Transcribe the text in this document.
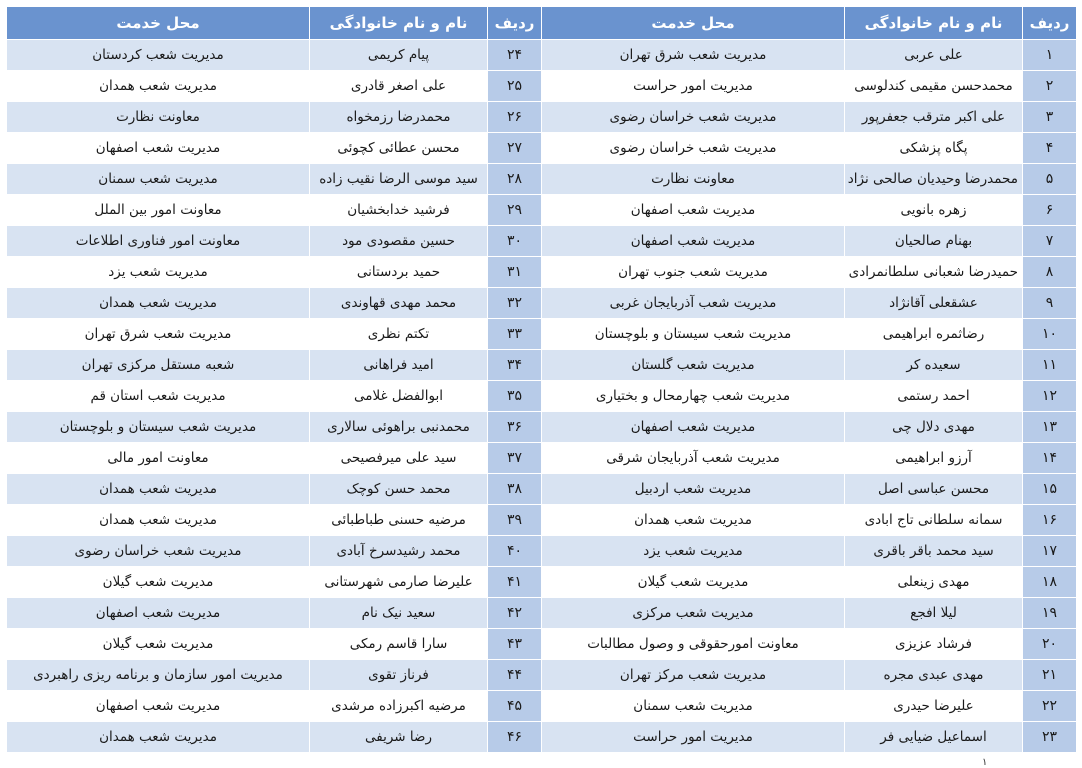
ردیف	نام و نام خانوادگی	محل خدمت	ردیف	نام و نام خانوادگی	محل خدمت
۱	علی عربی	مدیریت شعب شرق تهران	۲۴	پیام کریمی	مدیریت شعب کردستان
۲	محمدحسن مقیمی کندلوسی	مدیریت امور حراست	۲۵	علی اصغر قادری	مدیریت شعب همدان
۳	علی اکبر مترقب جعفرپور	مدیریت شعب خراسان رضوی	۲۶	محمدرضا رزمخواه	معاونت نظارت
۴	پگاه پزشکی	مدیریت شعب خراسان رضوی	۲۷	محسن عطائی کچوئی	مدیریت شعب اصفهان
۵	محمدرضا وحیدیان صالحی نژاد	معاونت نظارت	۲۸	سید موسی الرضا نقیب زاده	مدیریت شعب سمنان
۶	زهره بانویی	مدیریت شعب اصفهان	۲۹	فرشید خدابخشیان	معاونت امور بین الملل
۷	بهنام صالحیان	مدیریت شعب اصفهان	۳۰	حسین مقصودی مود	معاونت امور فناوری اطلاعات
۸	حمیدرضا شعبانی سلطانمرادی	مدیریت شعب جنوب تهران	۳۱	حمید بردستانی	مدیریت شعب یزد
۹	عشقعلی آقانژاد	مدیریت شعب آذربایجان غربی	۳۲	محمد مهدی قهاوندی	مدیریت شعب همدان
۱۰	رضاثمره ابراهیمی	مدیریت شعب سیستان و بلوچستان	۳۳	تکتم نظری	مدیریت شعب شرق تهران
۱۱	سعیده کر	مدیریت شعب گلستان	۳۴	امید فراهانی	شعبه مستقل مرکزی تهران
۱۲	احمد رستمی	مدیریت شعب چهارمحال و بختیاری	۳۵	ابوالفضل غلامی	مدیریت شعب استان قم
۱۳	مهدی دلال چی	مدیریت شعب اصفهان	۳۶	محمدنبی براهوئی سالاری	مدیریت شعب سیستان و بلوچستان
۱۴	آرزو ابراهیمی	مدیریت شعب آذربایجان شرقی	۳۷	سید علی میرفصیحی	معاونت امور مالی
۱۵	محسن عباسی اصل	مدیریت شعب اردبیل	۳۸	محمد حسن کوچک	مدیریت شعب همدان
۱۶	سمانه سلطانی تاج ابادی	مدیریت شعب همدان	۳۹	مرضیه حسنی طباطبائی	مدیریت شعب همدان
۱۷	سید محمد باقر باقری	مدیریت شعب یزد	۴۰	محمد رشیدسرخ آبادی	مدیریت شعب خراسان رضوی
۱۸	مهدی زینعلی	مدیریت شعب گیلان	۴۱	علیرضا صارمی شهرستانی	مدیریت شعب گیلان
۱۹	لیلا افجع	مدیریت شعب مرکزی	۴۲	سعید نیک نام	مدیریت شعب اصفهان
۲۰	فرشاد عزیزی	معاونت امورحقوقی و وصول مطالبات	۴۳	سارا قاسم رمکی	مدیریت شعب گیلان
۲۱	مهدی عبدی مجره	مدیریت شعب مرکز تهران	۴۴	فرناز تقوی	مدیریت امور سازمان و برنامه ریزی راهبردی
۲۲	علیرضا حیدری	مدیریت شعب سمنان	۴۵	مرضیه اکبرزاده مرشدی	مدیریت شعب اصفهان
۲۳	اسماعیل ضیایی فر	مدیریت امور حراست	۴۶	رضا شریفی	مدیریت شعب همدان
۱
